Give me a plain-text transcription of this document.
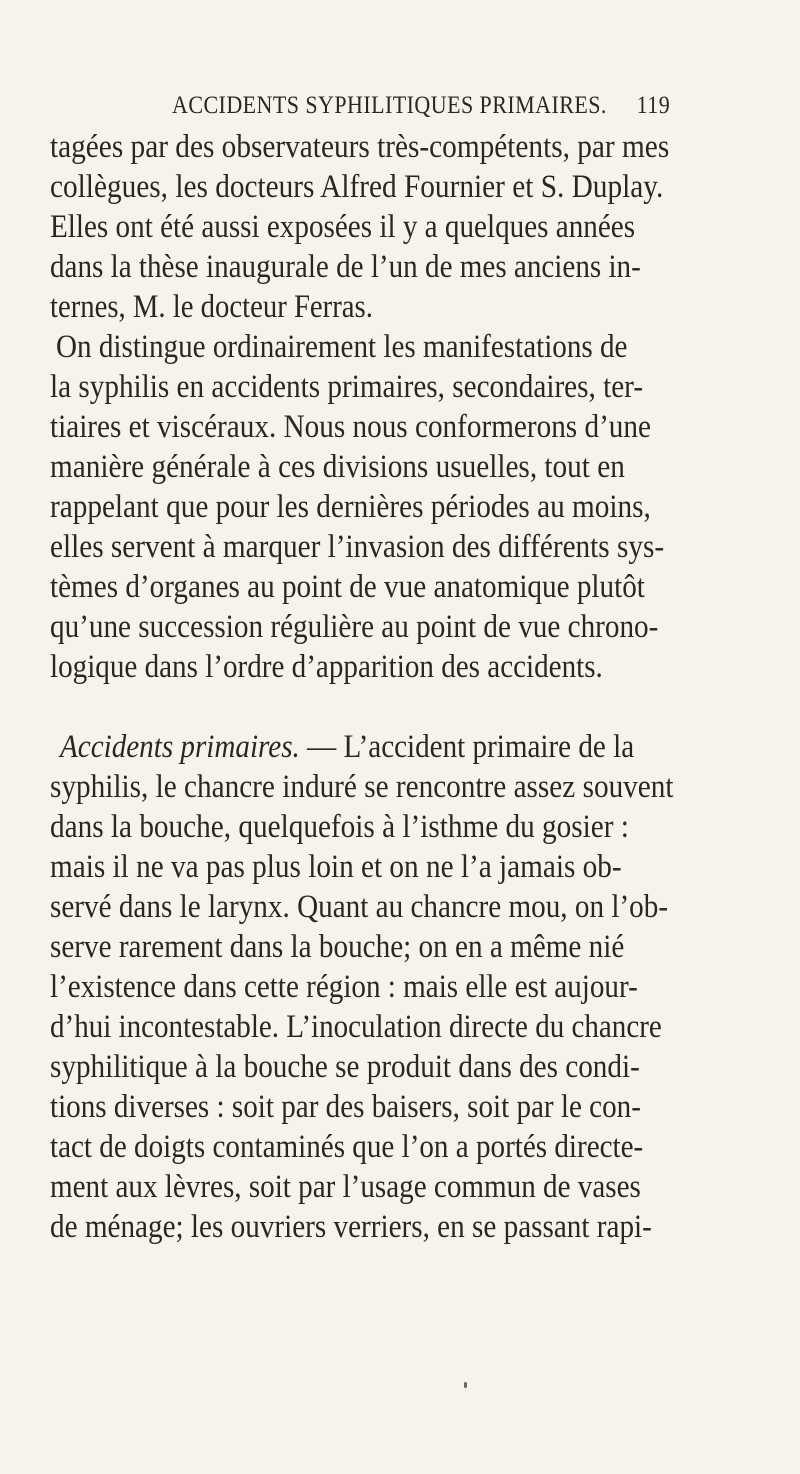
ACCIDENTS SYPHILITIQUES PRIMAIRES. 119
tagées par des observateurs très-compétents, par mes
collègues, les docteurs Alfred Fournier et S. Duplay.
Elles ont été aussi exposées il y a quelques années
dans la thèse inaugurale de l’un de mes anciens in-
ternes, M. le docteur Ferras.
On distingue ordinairement les manifestations de
la syphilis en accidents primaires, secondaires, ter-
tiaires et viscéraux. Nous nous conformerons d’une
manière générale à ces divisions usuelles, tout en
rappelant que pour les dernières périodes au moins,
elles servent à marquer l’invasion des différents sys-
tèmes d’organes au point de vue anatomique plutôt
qu’une succession régulière au point de vue chrono-
logique dans l’ordre d’apparition des accidents.
Accidents primaires. — L’accident primaire de la
syphilis, le chancre induré se rencontre assez souvent
dans la bouche, quelquefois à l’isthme du gosier :
mais il ne va pas plus loin et on ne l’a jamais ob-
servé dans le larynx. Quant au chancre mou, on l’ob-
serve rarement dans la bouche; on en a même nié
l’existence dans cette région : mais elle est aujour-
d’hui incontestable. L’inoculation directe du chancre
syphilitique à la bouche se produit dans des condi-
tions diverses : soit par des baisers, soit par le con-
tact de doigts contaminés que l’on a portés directe-
ment aux lèvres, soit par l’usage commun de vases
de ménage; les ouvriers verriers, en se passant rapi-
